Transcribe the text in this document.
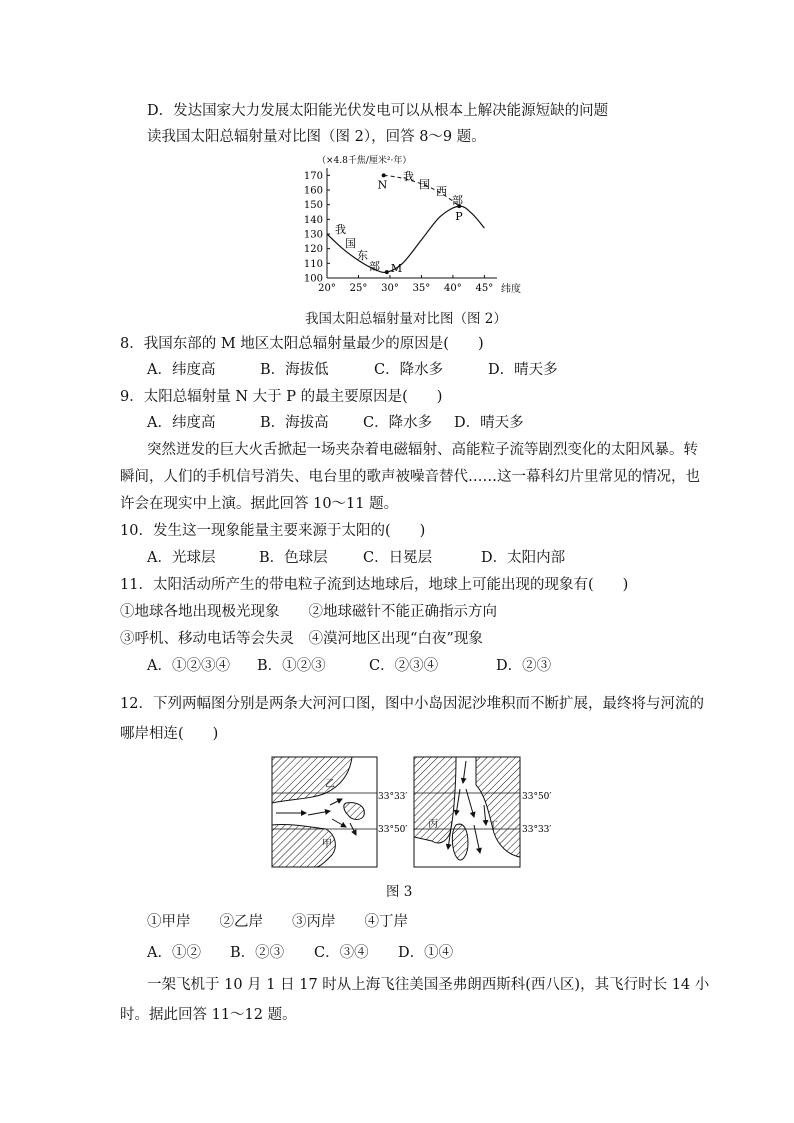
D．发达国家大力发展太阳能光伏发电可以从根本上解决能源短缺的问题
读我国太阳总辐射量对比图（图 2），回答 8～9 题。
（×4.8千焦/厘米²·年）
170
160
150
140
130
120
110
100
20° 25° 30° 35° 40° 45° 纬度
M
N
P
我
国
东
部
我
国
西
部
我国太阳总辐射量对比图（图 2）
8．我国东部的 M 地区太阳总辐射量最少的原因是(　　)
A．纬度高	B．海拔低	C．降水多	D．晴天多
9．太阳总辐射量 N 大于 P 的最主要原因是(　　)
A．纬度高	B．海拔高 C．降水多 D．晴天多
突然迸发的巨大火舌掀起一场夹杂着电磁辐射、高能粒子流等剧烈变化的太阳风暴。转
瞬间，人们的手机信号消失、电台里的歌声被噪音替代……这一幕科幻片里常见的情况，也
许会在现实中上演。据此回答 10～11 题。
10．发生这一现象能量主要来源于太阳的(　　)
A．光球层	B．色球层 C．日冕层	D．太阳内部
11．太阳活动所产生的带电粒子流到达地球后，地球上可能出现的现象有(　　)
①地球各地出现极光现象　　②地球磁针不能正确指示方向
③呼机、移动电话等会失灵　④漠河地区出现“白夜”现象
A．①②③④ B．①②③	C．②③④	D．②③
12．下列两幅图分别是两条大河河口图，图中小岛因泥沙堆积而不断扩展，最终将与河流的
哪岸相连(　　)
乙
甲
33°33′
33°50′ 丙	丁
33°50′
33°33′
图 3
①甲岸　　②乙岸　　③丙岸　　④丁岸
A．①② B．②③ C．③④ D．①④
一架飞机于 10 月 1 日 17 时从上海飞往美国圣弗朗西斯科(西八区)，其飞行时长 14 小
时。据此回答 11～12 题。
